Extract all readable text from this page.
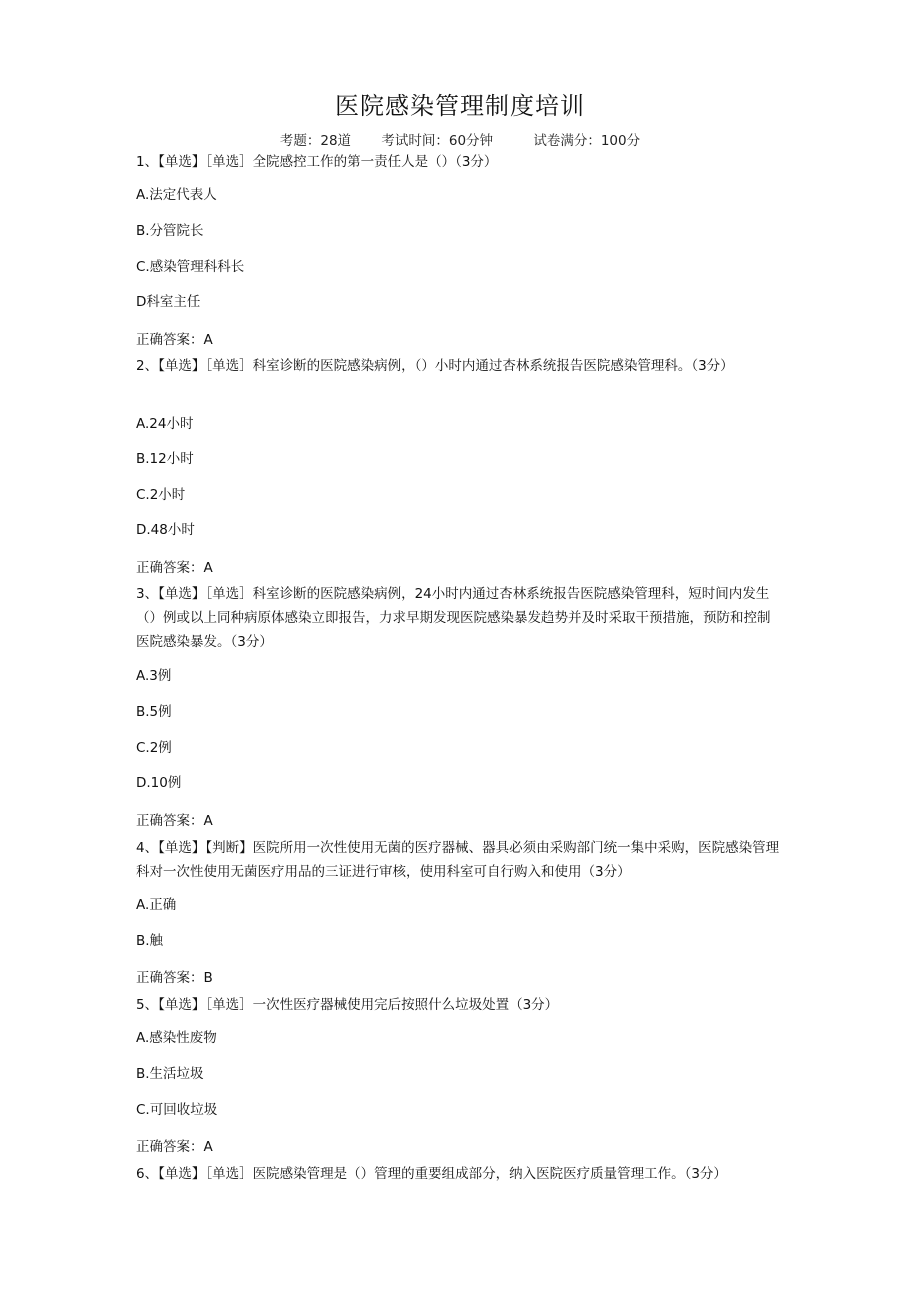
医院感染管理制度培训
考题：28道 考试时间：60分钟	试卷满分：100分
1、【单选】［单选］全院感控工作的第一责任人是（）（3分）
A.法定代表人
B.分管院长
C.感染管理科科长
D科室主任
正确答案：A
2、【单选】［单选］科室诊断的医院感染病例，（）小时内通过杏林系统报告医院感染管理科。（3分）
A.24小时
B.12小时
C.2小时
D.48小时
正确答案：A
3、【单选】［单选］科室诊断的医院感染病例，24小时内通过杏林系统报告医院感染管理科，短时间内发生（）例或以上同种病原体感染立即报告，力求早期发现医院感染暴发趋势并及时采取干预措施，预防和控制医院感染暴发。（3分）
A.3例
B.5例
C.2例
D.10例
正确答案：A
4、【单选】【判断】医院所用一次性使用无菌的医疗器械、器具必须由采购部门统一集中采购，医院感染管理科对一次性使用无菌医疗用品的三证进行审核，使用科室可自行购入和使用（3分）
A.正确
B.触
正确答案：B
5、【单选】［单选］一次性医疗器械使用完后按照什么垃圾处置（3分）
A.感染性废物
B.生活垃圾
C.可回收垃圾
正确答案：A
6、【单选】［单选］医院感染管理是（）管理的重要组成部分，纳入医院医疗质量管理工作。（3分）
